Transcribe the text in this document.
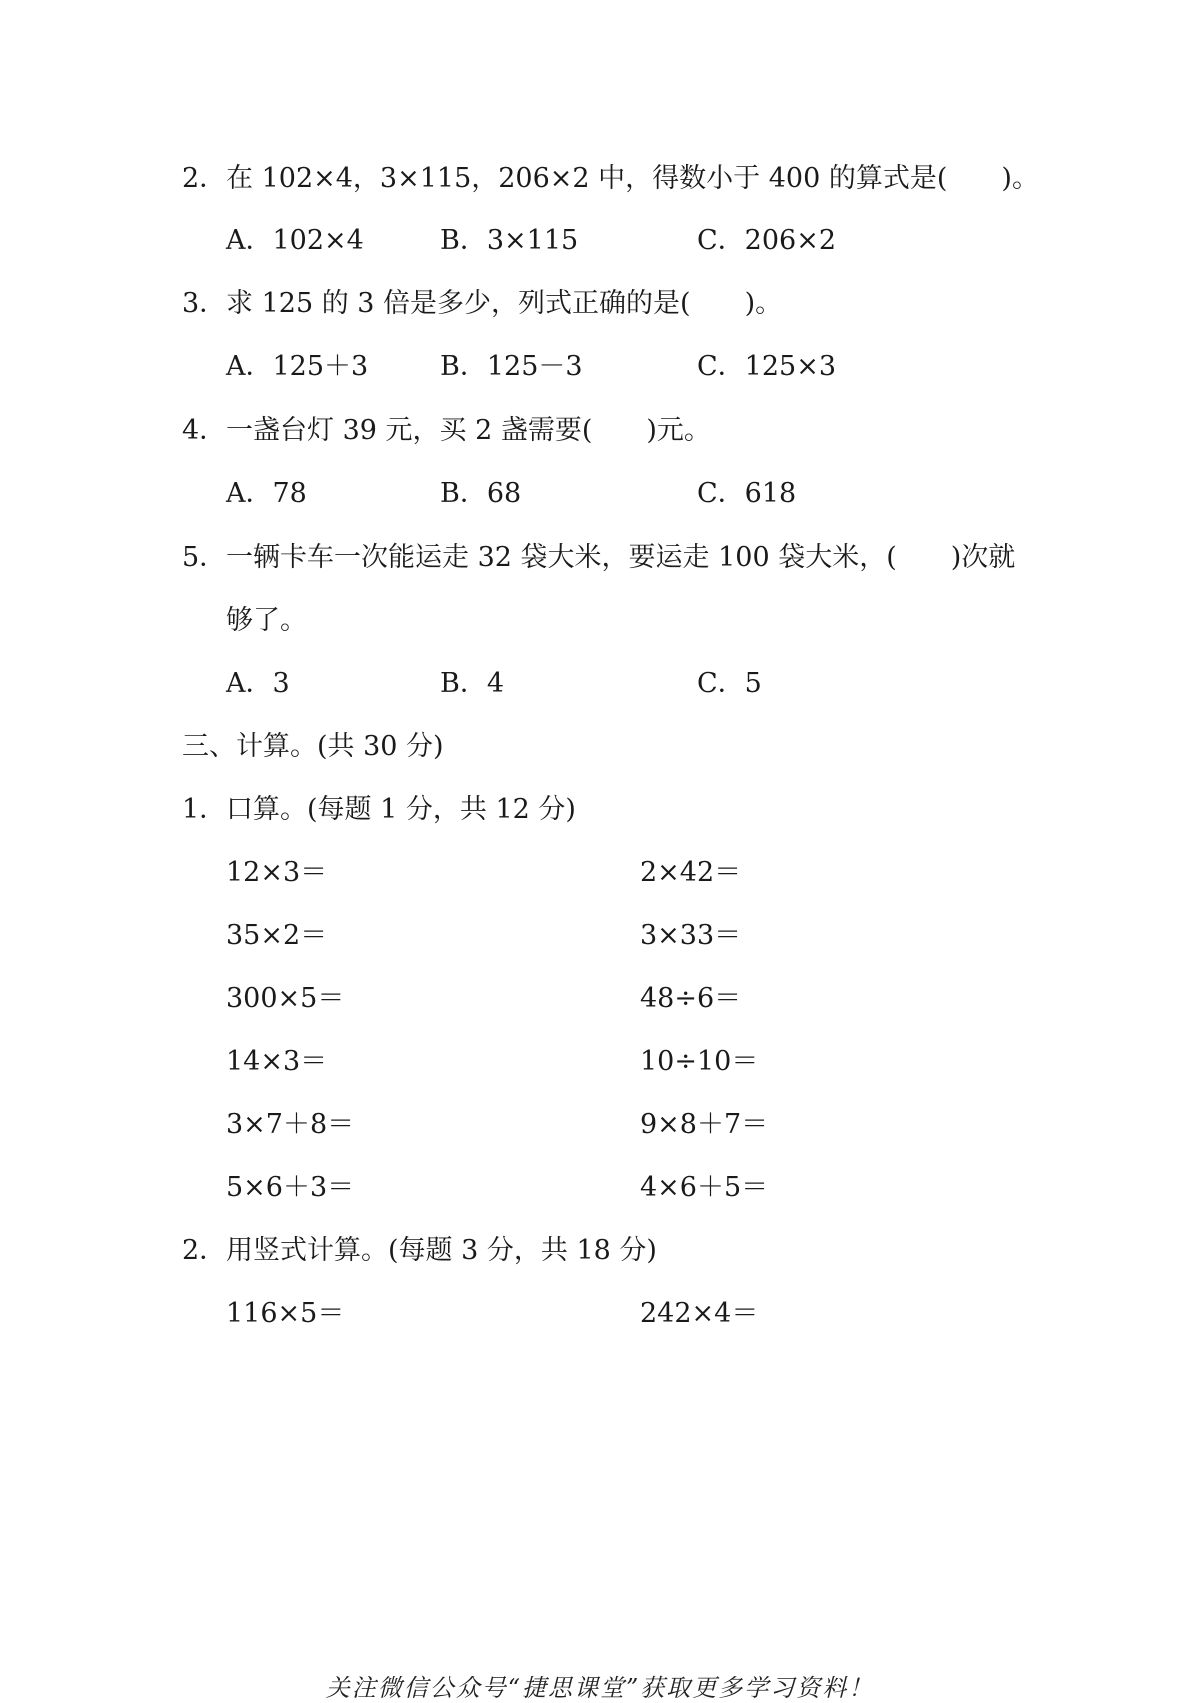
2． 在 102×4，3×115，206×2 中，得数小于 400 的算式是(　　)。
A．102×4	B．3×115	C．206×2
3． 求 125 的 3 倍是多少，列式正确的是(　　)。
A．125＋3	B．125－3	C．125×3
4． 一盏台灯 39 元，买 2 盏需要(　　)元。
A．78	B．68	C．618
5． 一辆卡车一次能运走 32 袋大米，要运走 100 袋大米，(　　)次就
够了。
A．3	B．4	C．5
三、计算。(共 30 分)
1． 口算。(每题 1 分，共 12 分)
12×3＝	2×42＝
35×2＝	3×33＝
300×5＝	48÷6＝
14×3＝	10÷10＝
3×7＋8＝	9×8＋7＝
5×6＋3＝	4×6＋5＝
2． 用竖式计算。(每题 3 分，共 18 分)
116×5＝	242×4＝
关注微信公众号“捷思课堂”获取更多学习资料！
